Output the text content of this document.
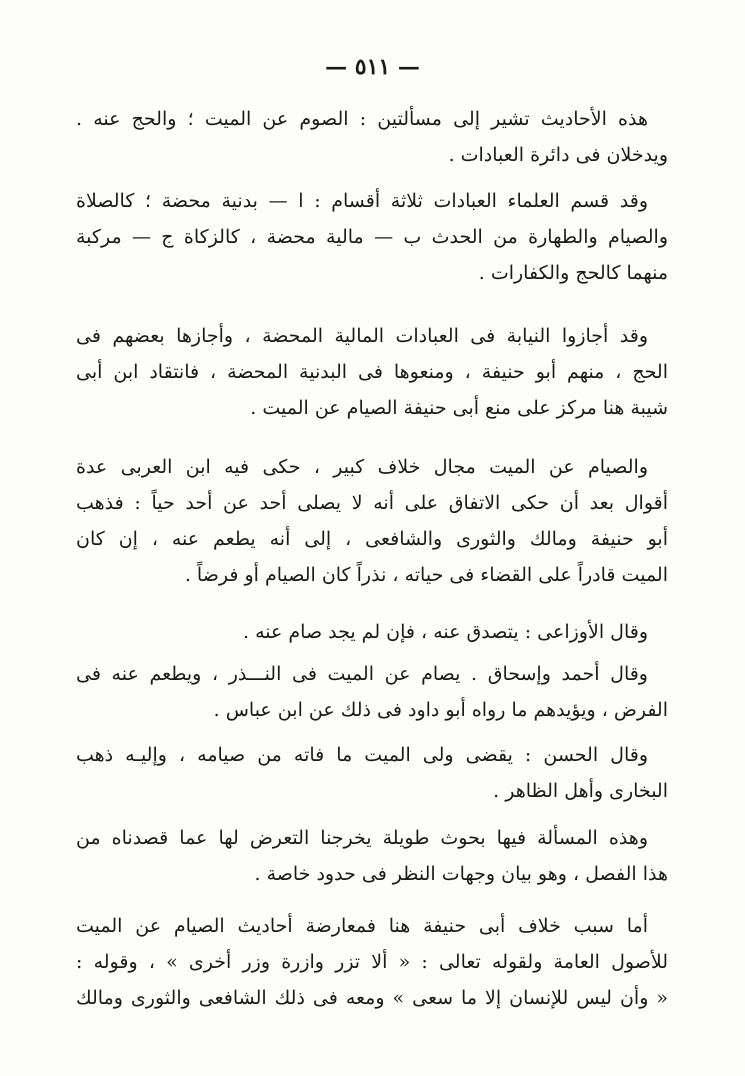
— ٥١١ —
هذه الأحاديث تشير إلى مسألتين : الصوم عن الميت ؛ والحج عنه .
ويدخلان فى دائرة العبادات .
وقد قسم العلماء العبادات ثلاثة أقسام : ا — بدنية محضة ؛ كالصلاة
والصيام والطهارة من الحدث ب — مالية محضة ، كالزكاة ج — مركبة
منهما كالحج والكفارات .
وقد أجازوا النيابة فى العبادات المالية المحضة ، وأجازها بعضهم فى
الحج ، منهم أبو حنيفة ، ومنعوها فى البدنية المحضة ، فانتقاد ابن أبى
شيبة هنا مركز على منع أبى حنيفة الصيام عن الميت .
والصيام عن الميت مجال خلاف كبير ، حكى فيه ابن العربى عدة
أقوال بعد أن حكى الاتفاق على أنه لا يصلى أحد عن أحد حياً : فذهب
أبو حنيفة ومالك والثورى والشافعى ، إلى أنه يطعم عنه ، إن كان
الميت قادراً على القضاء فى حياته ، نذراً كان الصيام أو فرضاً .
وقال الأوزاعى : يتصدق عنه ، فإن لم يجد صام عنه .
وقال أحمد وإسحاق . يصام عن الميت فى النـــذر ، ويطعم عنه فى
الفرض ، ويؤيدهم ما رواه أبو داود فى ذلك عن ابن عباس .
وقال الحسن : يقضى ولى الميت ما فاته من صيامه ، وإليـه ذهب
البخارى وأهل الظاهر .
وهذه المسألة فيها بحوث طويلة يخرجنا التعرض لها عما قصدناه من
هذا الفصل ، وهو بيان وجهات النظر فى حدود خاصة .
أما سبب خلاف أبى حنيفة هنا فمعارضة أحاديث الصيام عن الميت
للأصول العامة ولقوله تعالى : « ألا تزر وازرة وزر أخرى » ، وقوله :
« وأن ليس للإنسان إلا ما سعى » ومعه فى ذلك الشافعى والثورى ومالك
